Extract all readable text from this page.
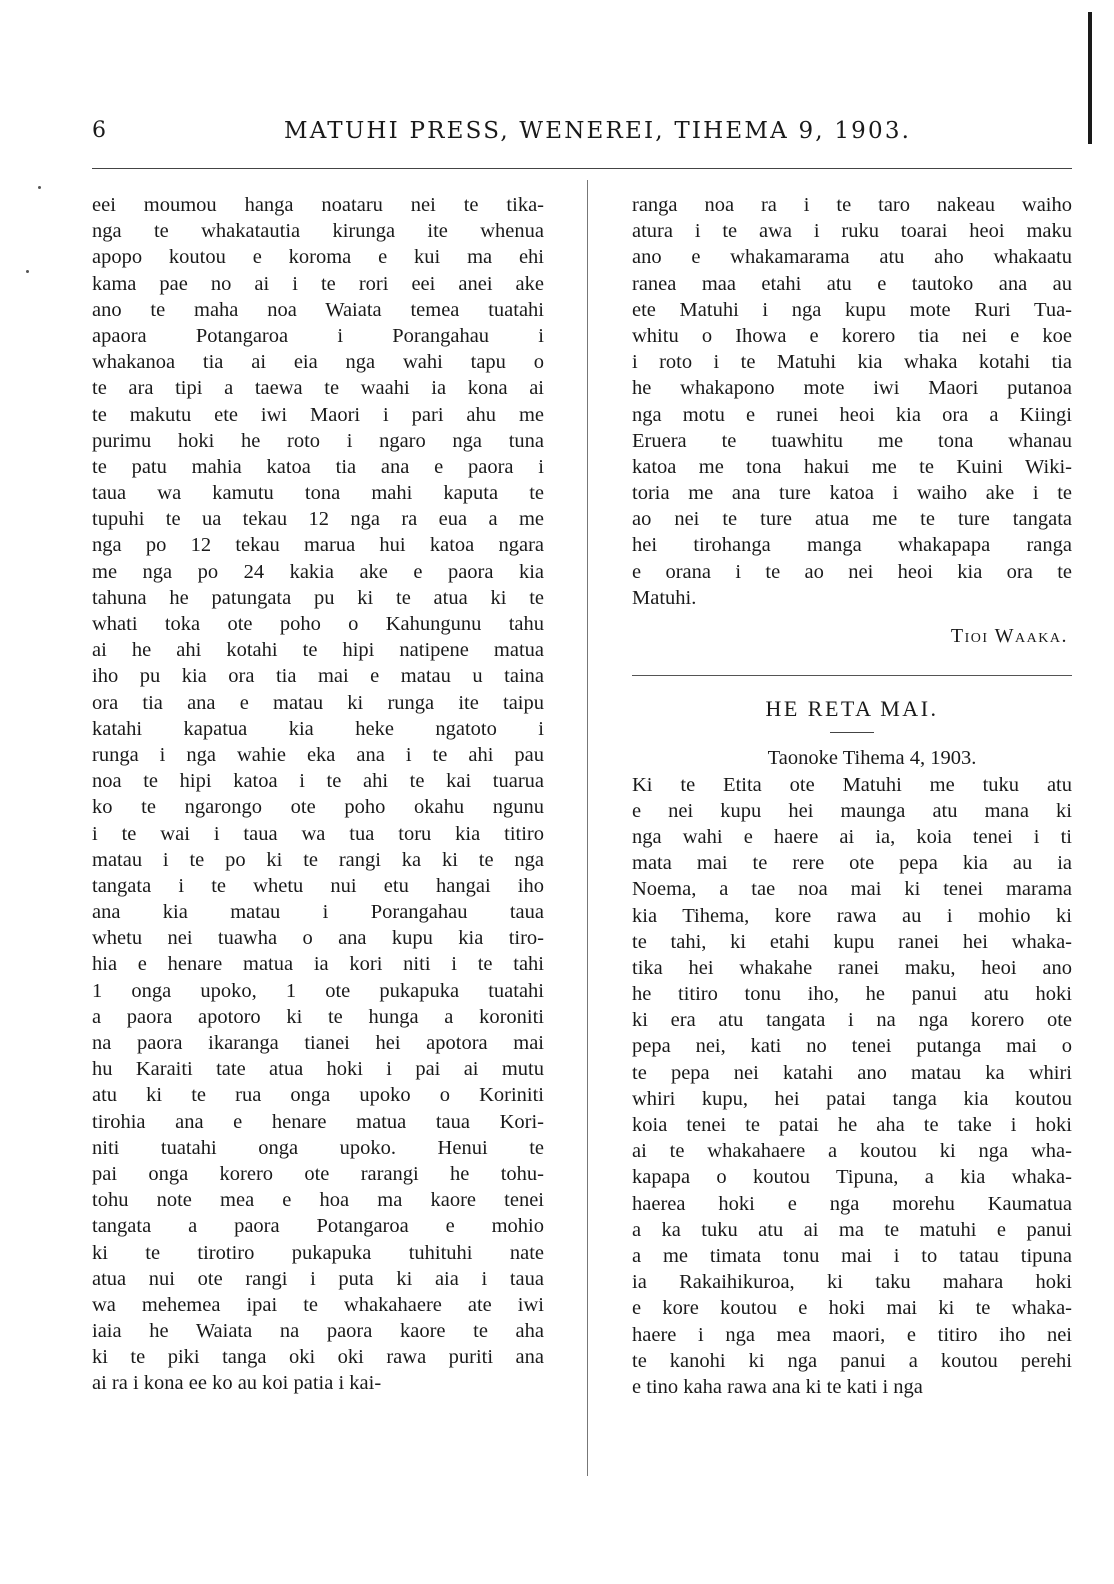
6	MATUHI PRESS, WENEREI, TIHEMA 9, 1903.
eei moumou hanga noataru nei te tika-
nga te whakatautia kirunga ite whenua
apopo koutou e koroma e kui ma ehi
kama pae no ai i te rori eei anei ake
ano te maha noa Waiata temea tuatahi
apaora Potangaroa i Porangahau i
whakanoa tia ai eia nga wahi tapu o
te ara tipi a taewa te waahi ia kona ai
te makutu ete iwi Maori i pari ahu me
purimu hoki he roto i ngaro nga tuna
te patu mahia katoa tia ana e paora i
taua wa kamutu tona mahi kaputa te
tupuhi te ua tekau 12 nga ra eua a me
nga po 12 tekau marua hui katoa ngara
me nga po 24 kakia ake e paora kia
tahuna he patungata pu ki te atua ki te
whati toka ote poho o Kahungunu tahu
ai he ahi kotahi te hipi natipene matua
iho pu kia ora tia mai e matau u taina
ora tia ana e matau ki runga ite taipu
katahi kapatua kia heke ngatoto i
runga i nga wahie eka ana i te ahi pau
noa te hipi katoa i te ahi te kai tuarua
ko te ngarongo ote poho okahu ngunu
i te wai i taua wa tua toru kia titiro
matau i te po ki te rangi ka ki te nga
tangata i te whetu nui etu hangai iho
ana kia matau i Porangahau taua
whetu nei tuawha o ana kupu kia tiro-
hia e henare matua ia kori niti i te tahi
1 onga upoko, 1 ote pukapuka tuatahi
a paora apotoro ki te hunga a koroniti
na paora ikaranga tianei hei apotora mai
hu Karaiti tate atua hoki i pai ai mutu
atu ki te rua onga upoko o Koriniti
tirohia ana e henare matua taua Kori-
niti tuatahi onga upoko. Henui te
pai onga korero ote rarangi he tohu-
tohu note mea e hoa ma kaore tenei
tangata a paora Potangaroa e mohio
ki te tirotiro pukapuka tuhituhi nate
atua nui ote rangi i puta ki aia i taua
wa mehemea ipai te whakahaere ate iwi
iaia he Waiata na paora kaore te aha
ki te piki tanga oki oki rawa puriti ana
ai ra i kona ee ko au koi patia i kai-
ranga noa ra i te taro nakeau waiho
atura i te awa i ruku toarai heoi maku
ano e whakamarama atu aho whakaatu
ranea maa etahi atu e tautoko ana au
ete Matuhi i nga kupu mote Ruri Tua-
whitu o Ihowa e korero tia nei e koe
i roto i te Matuhi kia whaka kotahi tia
he whakapono mote iwi Maori putanoa
nga motu e runei heoi kia ora a Kiingi
Eruera te tuawhitu me tona whanau
katoa me tona hakui me te Kuini Wiki-
toria me ana ture katoa i waiho ake i te
ao nei te ture atua me te ture tangata
hei tirohanga manga whakapapa ranga
e orana i te ao nei heoi kia ora te
Matuhi.
Tioi Waaka.
HE RETA MAI.
Taonoke Tihema 4, 1903.
Ki te Etita ote Matuhi me tuku atu
e nei kupu hei maunga atu mana ki
nga wahi e haere ai ia, koia tenei i ti
mata mai te rere ote pepa kia au ia
Noema, a tae noa mai ki tenei marama
kia Tihema, kore rawa au i mohio ki
te tahi, ki etahi kupu ranei hei whaka-
tika hei whakahe ranei maku, heoi ano
he titiro tonu iho, he panui atu hoki
ki era atu tangata i na nga korero ote
pepa nei, kati no tenei putanga mai o
te pepa nei katahi ano matau ka whiri
whiri kupu, hei patai tanga kia koutou
koia tenei te patai he aha te take i hoki
ai te whakahaere a koutou ki nga wha-
kapapa o koutou Tipuna, a kia whaka-
haerea hoki e nga morehu Kaumatua
a ka tuku atu ai ma te matuhi e panui
a me timata tonu mai i to tatau tipuna
ia Rakaihikuroa, ki taku mahara hoki
e kore koutou e hoki mai ki te whaka-
haere i nga mea maori, e titiro iho nei
te kanohi ki nga panui a koutou perehi
e tino kaha rawa ana ki te kati i nga
